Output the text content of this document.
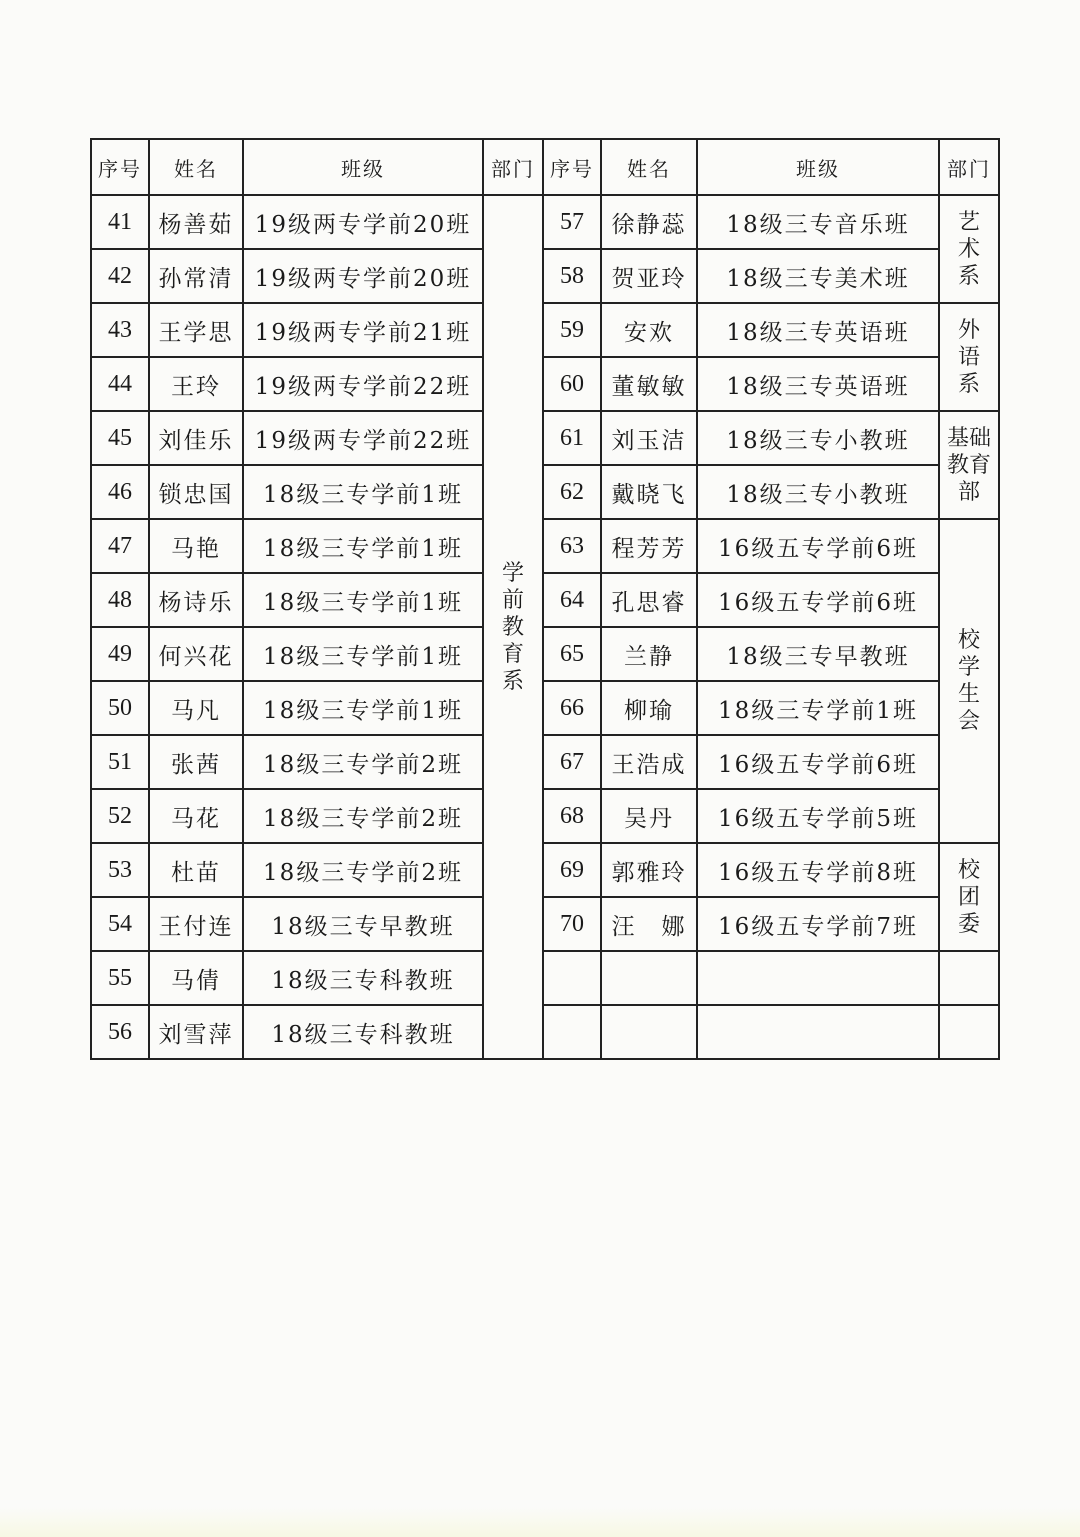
序号	姓名	班级	部门	序号	姓名	班级	部门
41	杨善茹	19级两专学前20班	学前教育系	57	徐静蕊	18级三专音乐班	艺术系
42	孙常清	19级两专学前20班		58	贺亚玲	18级三专美术班	
43	王学思	19级两专学前21班		59	安欢	18级三专英语班	外语系
44	王玲	19级两专学前22班		60	董敏敏	18级三专英语班	
45	刘佳乐	19级两专学前22班		61	刘玉洁	18级三专小教班	基础教育部
46	锁忠国	18级三专学前1班		62	戴晓飞	18级三专小教班	
47	马艳	18级三专学前1班		63	程芳芳	16级五专学前6班	校学生会
48	杨诗乐	18级三专学前1班		64	孔思睿	16级五专学前6班	
49	何兴花	18级三专学前1班		65	兰静	18级三专早教班	
50	马凡	18级三专学前1班		66	柳瑜	18级三专学前1班	
51	张茜	18级三专学前2班		67	王浩成	16级五专学前6班	
52	马花	18级三专学前2班		68	吴丹	16级五专学前5班	
53	杜苗	18级三专学前2班		69	郭雅玲	16级五专学前8班	校团委
54	王付连	18级三专早教班		70	汪　娜	16级五专学前7班	
55	马倩	18级三专科教班					
56	刘雪萍	18级三专科教班					
